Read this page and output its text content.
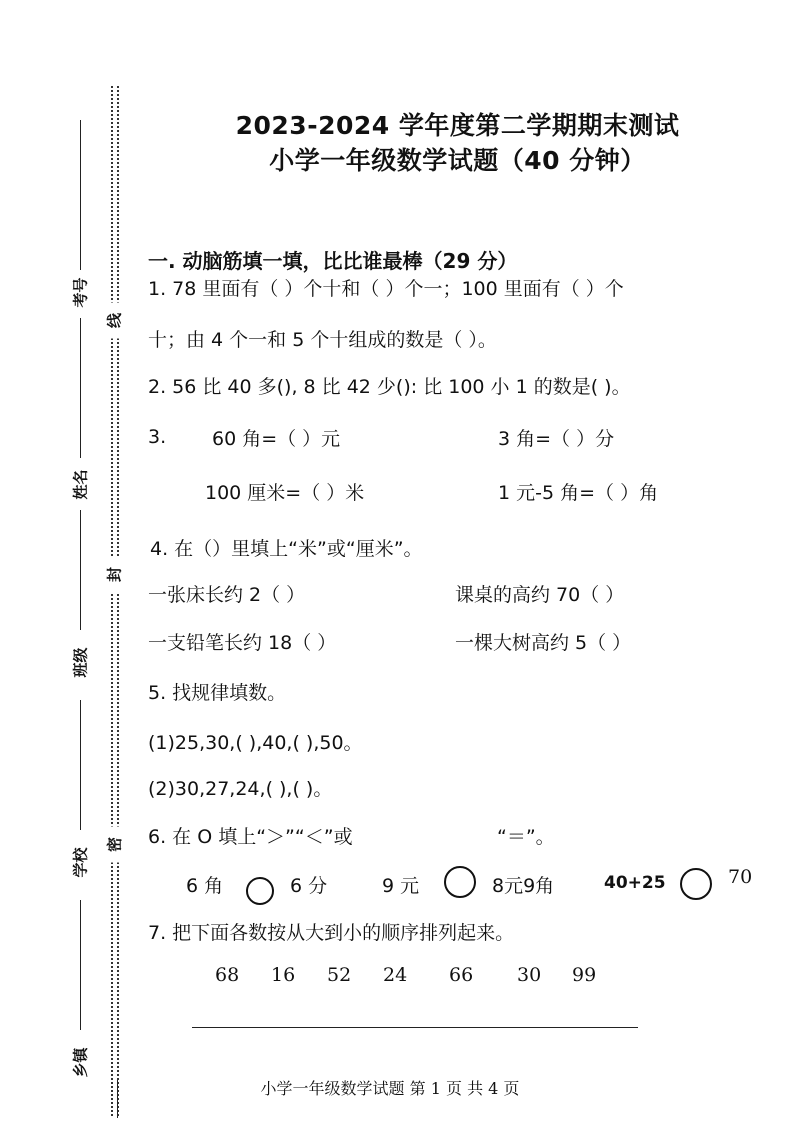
考号
姓名
班级
学校
乡镇
线
封
密
2023-2024 学年度第二学期期末测试
小学一年级数学试题（40 分钟）
一. 动脑筋填一填，比比谁最棒（29 分）
1. 78 里面有（ ）个十和（ ）个一；100 里面有（ ）个
十；由 4 个一和 5 个十组成的数是（ ）。
2. 56 比 40 多(), 8 比 42 少(): 比 100 小 1 的数是( )。
3. 60 角=（ ）元	3 角=（ ）分
100 厘米=（ ）米	1 元-5 角=（ ）角
4. 在（）里填上“米”或“厘米”。
一张床长约 2（ ）	课桌的高约 70（ ）
一支铅笔长约 18（ ）	一棵大树高约 5（ ）
5. 找规律填数。
(1)25,30,( ),40,( ),50。
(2)30,27,24,( ),( )。
6. 在 O 填上“＞”“＜”或	“＝”。
6 角	6 分	9 元	8元9角	40+25	70
7. 把下面各数按从大到小的顺序排列起来。
68 16 52 24 66 30 99
小学一年级数学试题 第 1 页 共 4 页
